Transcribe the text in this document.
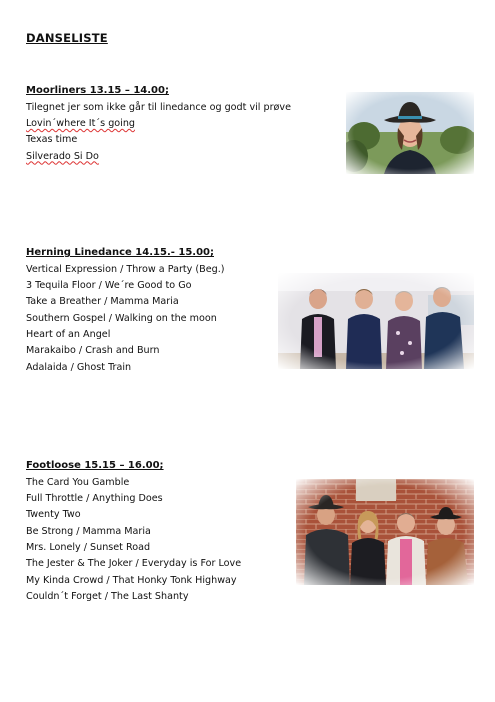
DANSELISTE
Moorliners 13.15 – 14.00;
Tilegnet jer som ikke går til linedance og godt vil prøve
Lovin´where It´s going
Texas time
Silverado Si Do
Herning Linedance 14.15.- 15.00;
Vertical Expression / Throw a Party (Beg.)
3 Tequila Floor / We´re Good to Go
Take a Breather / Mamma Maria
Southern Gospel / Walking on the moon
Heart of an Angel
Marakaibo / Crash and Burn
Adalaida / Ghost Train
Footloose 15.15 – 16.00;
The Card You Gamble
Full Throttle / Anything Does
Twenty Two
Be Strong / Mamma Maria
Mrs. Lonely / Sunset Road
The Jester & The Joker / Everyday is For Love
My Kinda Crowd / That Honky Tonk Highway
Couldn´t Forget / The Last Shanty
